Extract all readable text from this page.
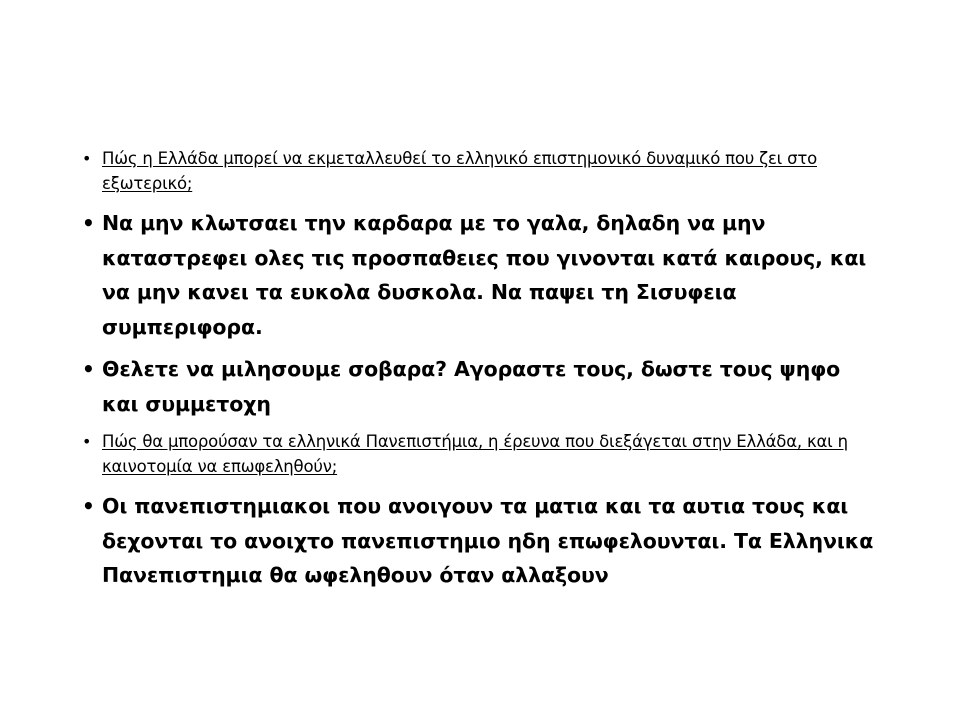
• Πώς η Ελλάδα μπορεί να εκμεταλλευθεί το ελληνικό επιστημονικό δυναμικό που ζει στο εξωτερικό;
• Να μην κλωτσαει την καρδαρα με το γαλα, δηλαδη να μην καταστρεφει ολες τις προσπαθειες που γινονται κατά καιρους, και να μην κανει τα ευκολα δυσκολα. Να παψει τη Σισυφεια συμπεριφορα.
• Θελετε να μιλησουμε σοβαρα? Αγοραστε τους, δωστε τους ψηφο και συμμετοχη
• Πώς θα μπορούσαν τα ελληνικά Πανεπιστήμια, η έρευνα που διεξάγεται στην Ελλάδα, και η καινοτομία να επωφεληθούν;
• Οι πανεπιστημιακοι που ανοιγουν τα ματια και τα αυτια τους και δεχονται το ανοιχτο πανεπιστημιο ηδη επωφελουνται. Τα Ελληνικα Πανεπιστημια θα ωφεληθουν όταν αλλαξουν
